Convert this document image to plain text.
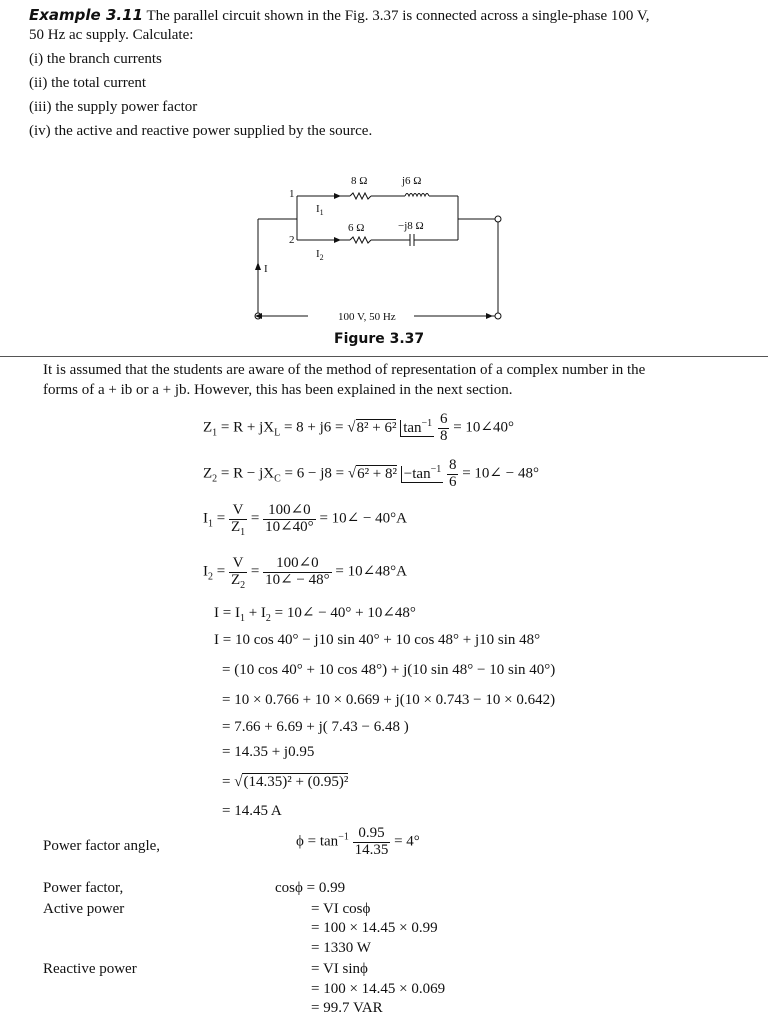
Example 3.11 The parallel circuit shown in the Fig. 3.37 is connected across a single-phase 100 V,
50 Hz ac supply. Calculate:
(i) the branch currents
(ii) the total current
(iii) the supply power factor
(iv) the active and reactive power supplied by the source.
8 Ω	j6 Ω
6 Ω	−j8 Ω
1
2
$I_1$
$I_2$
I
100 V, 50 Hz
Figure 3.37
It is assumed that the students are aware of the method of representation of a complex number in the
forms of a + ib or a + jb. However, this has been explained in the next section.
$Z_1 = R + jX_L = 8 + j6 = √8^2 + 6^2$ $\tan^{-1} \frac{6}{8}$ = 10∠40°
$Z_2 = R - jX_C = 6 - j8 = √6^2 + 8^2 -\tan^{-1} \frac{8}{6}$ = 10∠ − 48°
$I_1 = \frac{V}{Z_1} = \frac{100\angle 0}{10\angle 40^\circ}$ = 10∠ − 40°A
$I_2 = \frac{V}{Z_2} = \frac{100\angle 0}{10\angle - 48^\circ}$ = 10∠48°A
$I = I_1 + I_2$ = 10∠ − 40° + 10∠48°
I = 10 cos 40° − j10 sin 40° + 10 cos 48° + j10 sin 48°
= (10 cos 40° + 10 cos 48°) + j(10 sin 48° − 10 sin 40°)
= 10 × 0.766 + 10 × 0.669 + j(10 × 0.743 − 10 × 0.642)
= 7.66 + 6.69 + j( 7.43 − 6.48 )
= 14.35 + j0.95
= √(14.35)² + (0.95)²
= 14.45 A
Power factor angle,	$\phi = \tan^{-1} \frac{0.95}{14.35} = 4^\circ$
Power factor,	cosϕ = 0.99
Active power	= VI cosϕ
= 100 × 14.45 × 0.99
= 1330 W
Reactive power	= VI sinϕ
= 100 × 14.45 × 0.069
= 99.7 VAR
